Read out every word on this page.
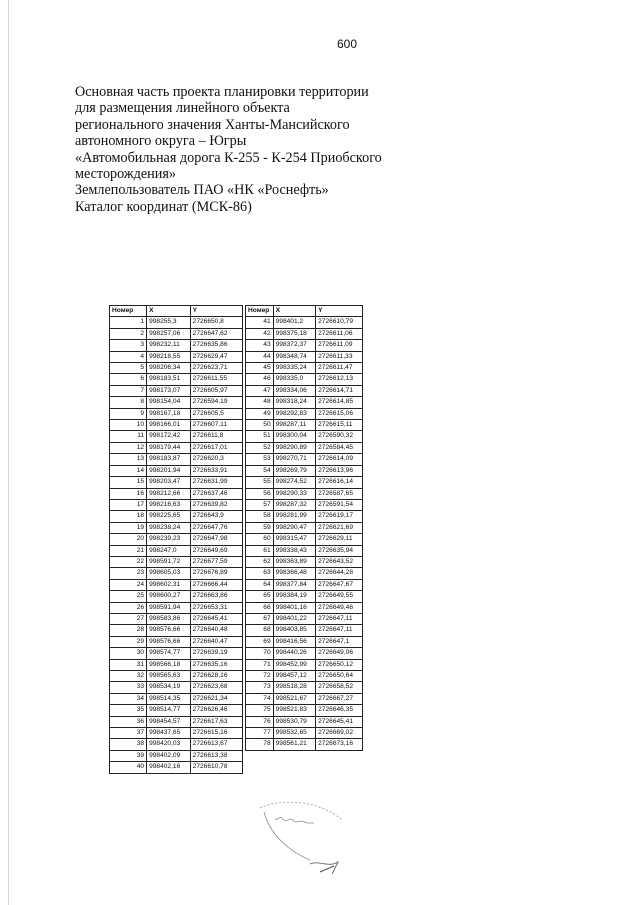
600
Основная часть проекта планировки территории
для размещения линейного объекта
регионального значения Ханты-Мансийского
автономного округа – Югры
«Автомобильная дорога К-255 - К-254 Приобского
месторождения»
Землепользователь ПАО «НК «Роснефть»
Каталог координат (МСК-86)
Номер	X	Y
1	998255,3	2726650,8
2	998257,06	2726647,62
3	998232,11	2726635,86
4	998218,55	2726629,47
5	998206,34	2726623,71
6	998183,51	2726611,55
7	998173,07	2726605,97
8	998154,04	2726594,19
9	998167,18	2726605,5
10	998166,01	2726607,11
11	998172,42	2726611,8
12	998179,44	2726617,01
13	998183,87	2726620,3
14	998201,94	2726633,91
15	998203,47	2726631,99
16	998212,66	2726637,46
17	998216,63	2726639,82
18	998225,65	2726643,9
19	998238,24	2726647,76
20	998239,23	2726647,98
21	998247,0	2726649,69
22	998591,72	2726677,59
23	998605,03	2726676,89
24	998602,31	2726666,44
25	998600,27	2726663,86
26	998591,94	2726653,31
27	998583,86	2726645,41
28	998576,66	2726640,48
29	998576,66	2726640,47
30	998574,77	2726639,19
31	998566,18	2726635,16
32	998565,63	2726628,16
33	998534,19	2726623,68
34	998514,35	2726621,34
35	998514,77	2726626,46
36	998454,57	2726617,63
37	998437,65	2726615,16
38	998420,03	2726613,67
39	998402,09	2726613,38
40	998402,16	2726610,78
Номер	X	Y
41	998401,2	2726610,79
42	998375,18	2726611,06
43	998372,37	2726611,09
44	998348,74	2726611,33
45	998335,24	2726611,47
46	998335,0	2726612,13
47	998334,06	2726614,71
48	998318,24	2726614,85
49	998292,83	2726615,06
50	998287,11	2726615,11
51	998300,04	2726590,32
52	998290,89	2726584,45
53	998270,71	2726614,09
54	998269,79	2726613,96
55	998274,52	2726616,14
56	998290,33	2726587,65
57	998287,32	2726591,54
58	998281,99	2726619,17
59	998290,47	2726621,69
60	998315,47	2726629,11
61	998338,43	2726635,94
62	998363,89	2726643,52
63	998366,48	2726644,28
64	998377,84	2726647,67
65	998384,19	2726649,55
66	998401,16	2726649,46
67	998401,22	2726647,11
68	998403,85	2726647,11
69	998416,56	2726647,1
70	998440,26	2726649,06
71	998452,99	2726650,12
72	998457,12	2726650,64
73	998518,28	2726658,52
74	998521,67	2726667,27
75	998521,83	2726646,35
76	998530,79	2726645,41
77	998532,65	2726669,02
78	998561,21	2726673,16
